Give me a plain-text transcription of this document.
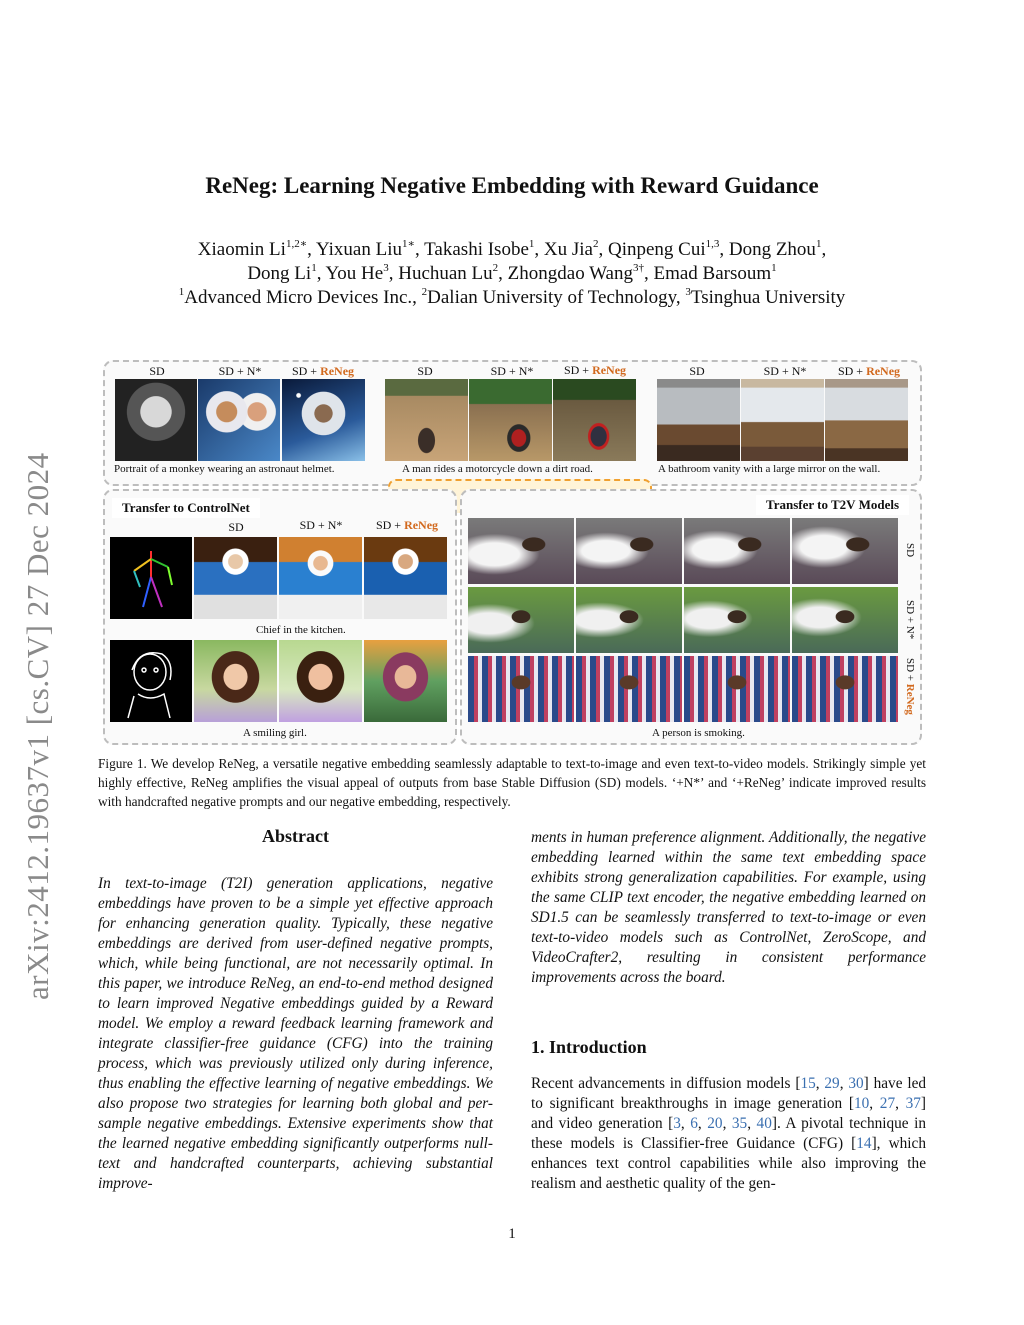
arXiv:2412.19637v1 [cs.CV] 27 Dec 2024
ReNeg: Learning Negative Embedding with Reward Guidance
Xiaomin $Li^{1,2∗}$, Yixuan Liu$^{1∗}$, Takashi Isobe$^1$, Xu Jia$^2$, Qinpeng Cui$^{1,3}$, Dong Zhou$^1$,
Dong Li$^1$, You He$^3$, Huchuan Lu$^2$, Zhongdao Wang$^{3\dagger}$, Emad Barsoum$^1$
$^1$Advanced Micro Devices Inc., $^2$Dalian University of Technology, $^3$Tsinghua University
SD	SD + N*	SD + ReNeg	SD	SD + N*	SD + ReNeg	SD	SD + N*	SD + ReNeg
Portrait of a monkey wearing an astronaut helmet.	A man rides a motorcycle down a dirt road.	A bathroom vanity with a large mirror on the wall.
Transfer to ControlNet
SD	SD + N*	SD + ReNeg
Chief in the kitchen.
A smiling girl.
Transfer to T2V Models
SD
SD + N*
SD + ReNeg
A person is smoking.
Figure 1. We develop ReNeg, a versatile negative embedding seamlessly adaptable to text-to-image and even text-to-video models. Strikingly simple yet highly effective, ReNeg amplifies the visual appeal of outputs from base Stable Diffusion (SD) models. ‘+N*’ and ‘+ReNeg’ indicate improved results with handcrafted negative prompts and our negative embedding, respectively.
Abstract
In text-to-image (T2I) generation applications, negative embeddings have proven to be a simple yet effective approach for enhancing generation quality. Typically, these negative embeddings are derived from user-defined negative prompts, which, while being functional, are not necessarily optimal. In this paper, we introduce ReNeg, an end-to-end method designed to learn improved Negative embeddings guided by a Reward model. We employ a reward feedback learning framework and integrate classifier-free guidance (CFG) into the training process, which was previously utilized only during inference, thus enabling the effective learning of negative embeddings. We also propose two strategies for learning both global and per-sample negative embeddings. Extensive experiments show that the learned negative embedding significantly outperforms null-text and handcrafted counterparts, achieving substantial improve-
ments in human preference alignment. Additionally, the negative embedding learned within the same text embedding space exhibits strong generalization capabilities. For example, using the same CLIP text encoder, the negative embedding learned on SD1.5 can be seamlessly transferred to text-to-image or even text-to-video models such as ControlNet, ZeroScope, and VideoCrafter2, resulting in consistent performance improvements across the board.
1. Introduction
Recent advancements in diffusion models [15, 29, 30] have led to significant breakthroughs in image generation [10, 27, 37] and video generation [3, 6, 20, 35, 40]. A pivotal technique in these models is Classifier-free Guidance (CFG) [14], which enhances text control capabilities while also improving the realism and aesthetic quality of the gen-
1
